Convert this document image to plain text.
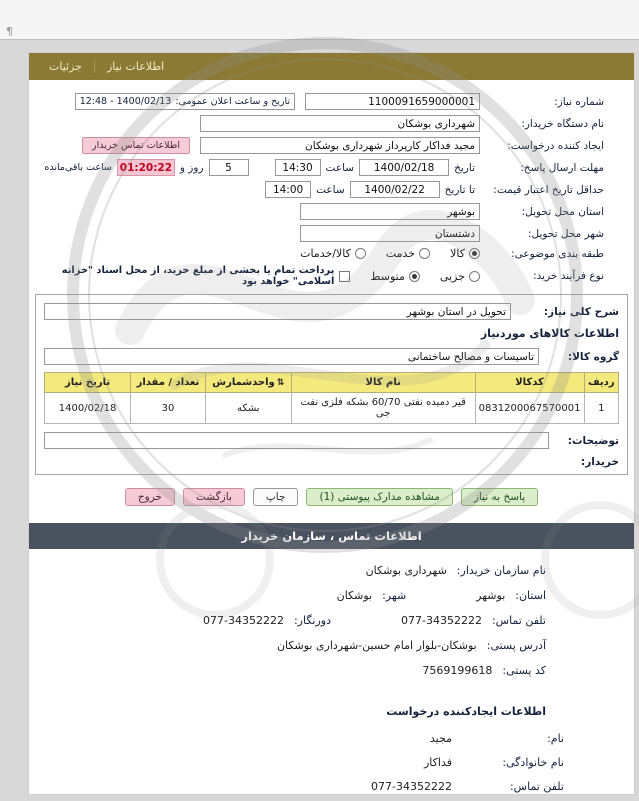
¶
جزئیات	اطلاعات نیاز
شماره نیاز:
1100091659000001
تاریخ و ساعت اعلان عمومی:
1400/02/13 - 12:48
نام دستگاه خریدار:
شهرداری بوشکان
ایجاد کننده درخواست:
مجید فداکار کارپرداز شهرداری بوشکان
اطلاعات تماس خریدار
مهلت ارسال پاسخ:
تاریخ
1400/02/18
ساعت
14:30
5
روز و
01:20:22
ساعت باقی‌مانده
حداقل تاریخ اعتبار قیمت:
تا تاریخ
1400/02/22
ساعت
14:00
استان محل تحویل:
بوشهر
شهر محل تحویل:
دشتستان
طبقه بندی موضوعی:
کالا
خدمت
کالا/خدمات
نوع فرآیند خرید:
جزیی
متوسط
پرداخت تمام یا بخشی از مبلغ خرید، از محل اسناد "خزانه اسلامی" خواهد بود
شرح کلی نیاز:
تحویل در استان بوشهر
اطلاعات کالاهای موردنیاز
گروه کالا:
تاسیسات و مصالح ساختمانی
ردیف	کدکالا	نام کالا	⇅واحدشمارش	تعداد / مقدار	تاریخ نیاز
1	0831200067570001	قیر دمیده نفتی 60/70 بشکه فلزی نفت جی	بشکه	30	1400/02/18
توضیحات:
خریدار:
پاسخ به نیاز
مشاهده مدارک پیوستی (1)
چاپ
بازگشت
خروج
اطلاعات تماس ، سازمان خریدار
نام سازمان خریدار:
شهرداری بوشکان
استان:
بوشهر
شهر:
بوشکان
تلفن تماس:
077-34352222
دورنگار:
077-34352222
آدرس پستی:
بوشکان-بلوار امام حسین-شهرداری بوشکان
کد پستی:
7569199618
اطلاعات ایجادکننده درخواست
نام:
مجید
نام خانوادگی:
فداکار
تلفن تماس:
077-34352222
